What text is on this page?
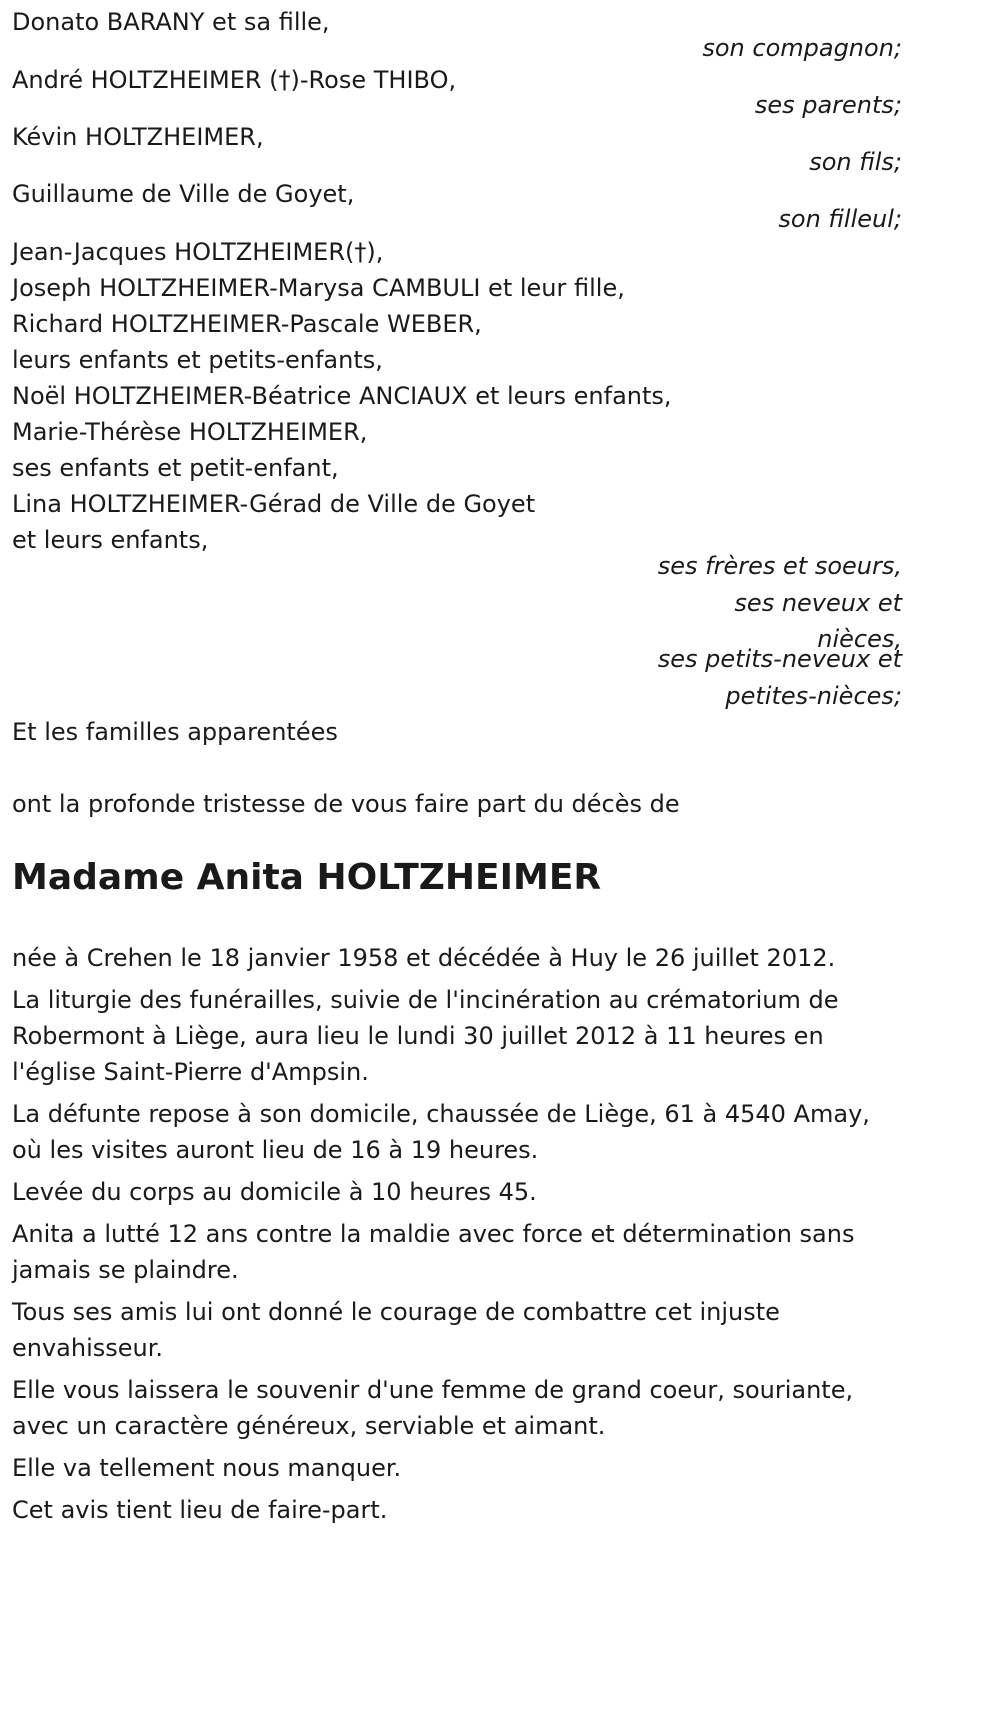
Donato BARANY et sa fille,
son compagnon;
André HOLTZHEIMER (†)-Rose THIBO,
ses parents;
Kévin HOLTZHEIMER,
son fils;
Guillaume de Ville de Goyet,
son filleul;
Jean-Jacques HOLTZHEIMER(†),
Joseph HOLTZHEIMER-Marysa CAMBULI et leur fille,
Richard HOLTZHEIMER-Pascale WEBER,
leurs enfants et petits-enfants,
Noël HOLTZHEIMER-Béatrice ANCIAUX et leurs enfants,
Marie-Thérèse HOLTZHEIMER,
ses enfants et petit-enfant,
Lina HOLTZHEIMER-Gérad de Ville de Goyet
et leurs enfants,
ses frères et soeurs,
ses neveux et
nièces,
ses petits-neveux et
petites-nièces;
Et les familles apparentées
ont la profonde tristesse de vous faire part du décès de
Madame Anita HOLTZHEIMER

née à Crehen le 18 janvier 1958 et décédée à Huy le 26 juillet 2012.

La liturgie des funérailles, suivie de l'incinération au crématorium de Robermont à Liège, aura lieu le lundi 30 juillet 2012 à 11 heures en l'église Saint-Pierre d'Ampsin.

La défunte repose à son domicile, chaussée de Liège, 61 à 4540 Amay, où les visites auront lieu de 16 à 19 heures.

Levée du corps au domicile à 10 heures 45.

Anita a lutté 12 ans contre la maldie avec force et détermination sans jamais se plaindre.

Tous ses amis lui ont donné le courage de combattre cet injuste envahisseur.

Elle vous laissera le souvenir d'une femme de grand coeur, souriante, avec un caractère généreux, serviable et aimant.

Elle va tellement nous manquer.

Cet avis tient lieu de faire-part.
